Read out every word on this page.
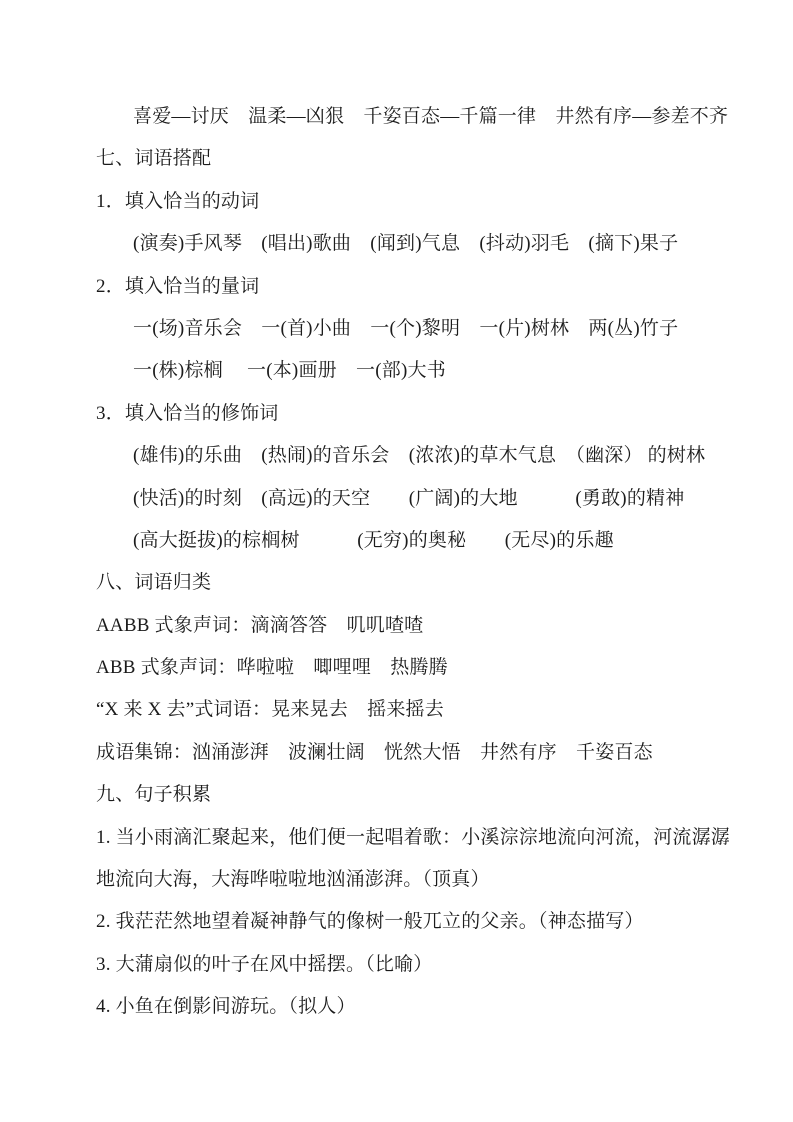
喜爱—讨厌　温柔—凶狠　千姿百态—千篇一律　井然有序—参差不齐
七、词语搭配
1．填入恰当的动词
(演奏)手风琴　(唱出)歌曲　(闻到)气息　(抖动)羽毛　(摘下)果子
2．填入恰当的量词
一(场)音乐会　一(首)小曲　一(个)黎明　一(片)树林　两(丛)竹子
一(株)棕榈　 一(本)画册　一(部)大书
3．填入恰当的修饰词
(雄伟)的乐曲　(热闹)的音乐会　(浓浓)的草木气息　（幽深） 的树林
(快活)的时刻　(高远)的天空　　(广阔)的大地　　　(勇敢)的精神
(高大挺拔)的棕榈树　　　(无穷)的奥秘　　(无尽)的乐趣
八、词语归类
AABB 式象声词：滴滴答答　叽叽喳喳
ABB 式象声词：哗啦啦　唧哩哩　热腾腾
“X 来 X 去”式词语：晃来晃去　摇来摇去
成语集锦：汹涌澎湃　波澜壮阔　恍然大悟　井然有序　千姿百态
九、句子积累
1. 当小雨滴汇聚起来，他们便一起唱着歌：小溪淙淙地流向河流，河流潺潺
地流向大海，大海哗啦啦地汹涌澎湃。（顶真）
2. 我茫茫然地望着凝神静气的像树一般兀立的父亲。（神态描写）
3. 大蒲扇似的叶子在风中摇摆。（比喻）
4. 小鱼在倒影间游玩。（拟人）
